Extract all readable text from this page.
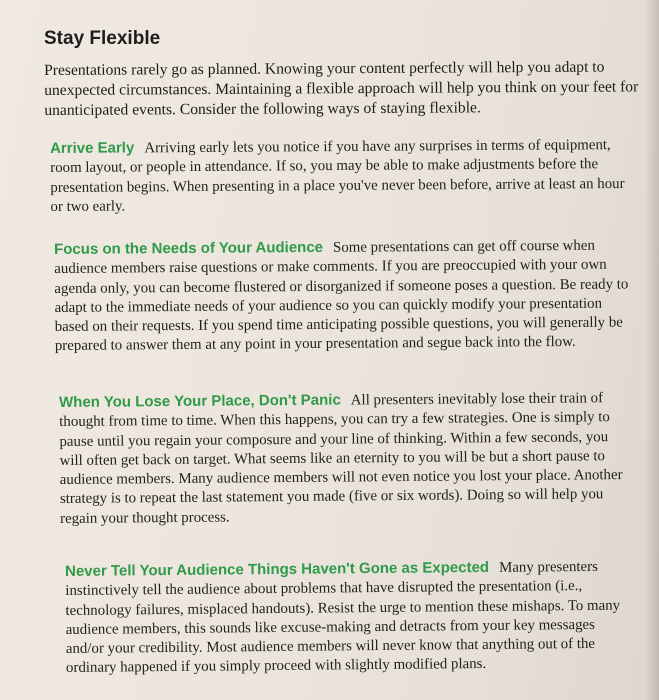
Stay Flexible
Presentations rarely go as planned. Knowing your content perfectly will help you adapt to unexpected circumstances. Maintaining a flexible approach will help you think on your feet for unanticipated events. Consider the following ways of staying flexible.
Arrive Early Arriving early lets you notice if you have any surprises in terms of equipment, room layout, or people in attendance. If so, you may be able to make adjustments before the presentation begins. When presenting in a place you've never been before, arrive at least an hour or two early.
Focus on the Needs of Your Audience Some presentations can get off course when audience members raise questions or make comments. If you are preoccupied with your own agenda only, you can become flustered or disorganized if someone poses a question. Be ready to adapt to the immediate needs of your audience so you can quickly modify your presentation based on their requests. If you spend time anticipating possible questions, you will generally be prepared to answer them at any point in your presentation and segue back into the flow.
When You Lose Your Place, Don't Panic All presenters inevitably lose their train of thought from time to time. When this happens, you can try a few strategies. One is simply to pause until you regain your composure and your line of thinking. Within a few seconds, you will often get back on target. What seems like an eternity to you will be but a short pause to audience members. Many audience members will not even notice you lost your place. Another strategy is to repeat the last statement you made (five or six words). Doing so will help you regain your thought process.
Never Tell Your Audience Things Haven't Gone as Expected Many presenters instinctively tell the audience about problems that have disrupted the presentation (i.e., technology failures, misplaced handouts). Resist the urge to mention these mishaps. To many audience members, this sounds like excuse-making and detracts from your key messages and/or your credibility. Most audience members will never know that anything out of the ordinary happened if you simply proceed with slightly modified plans.
